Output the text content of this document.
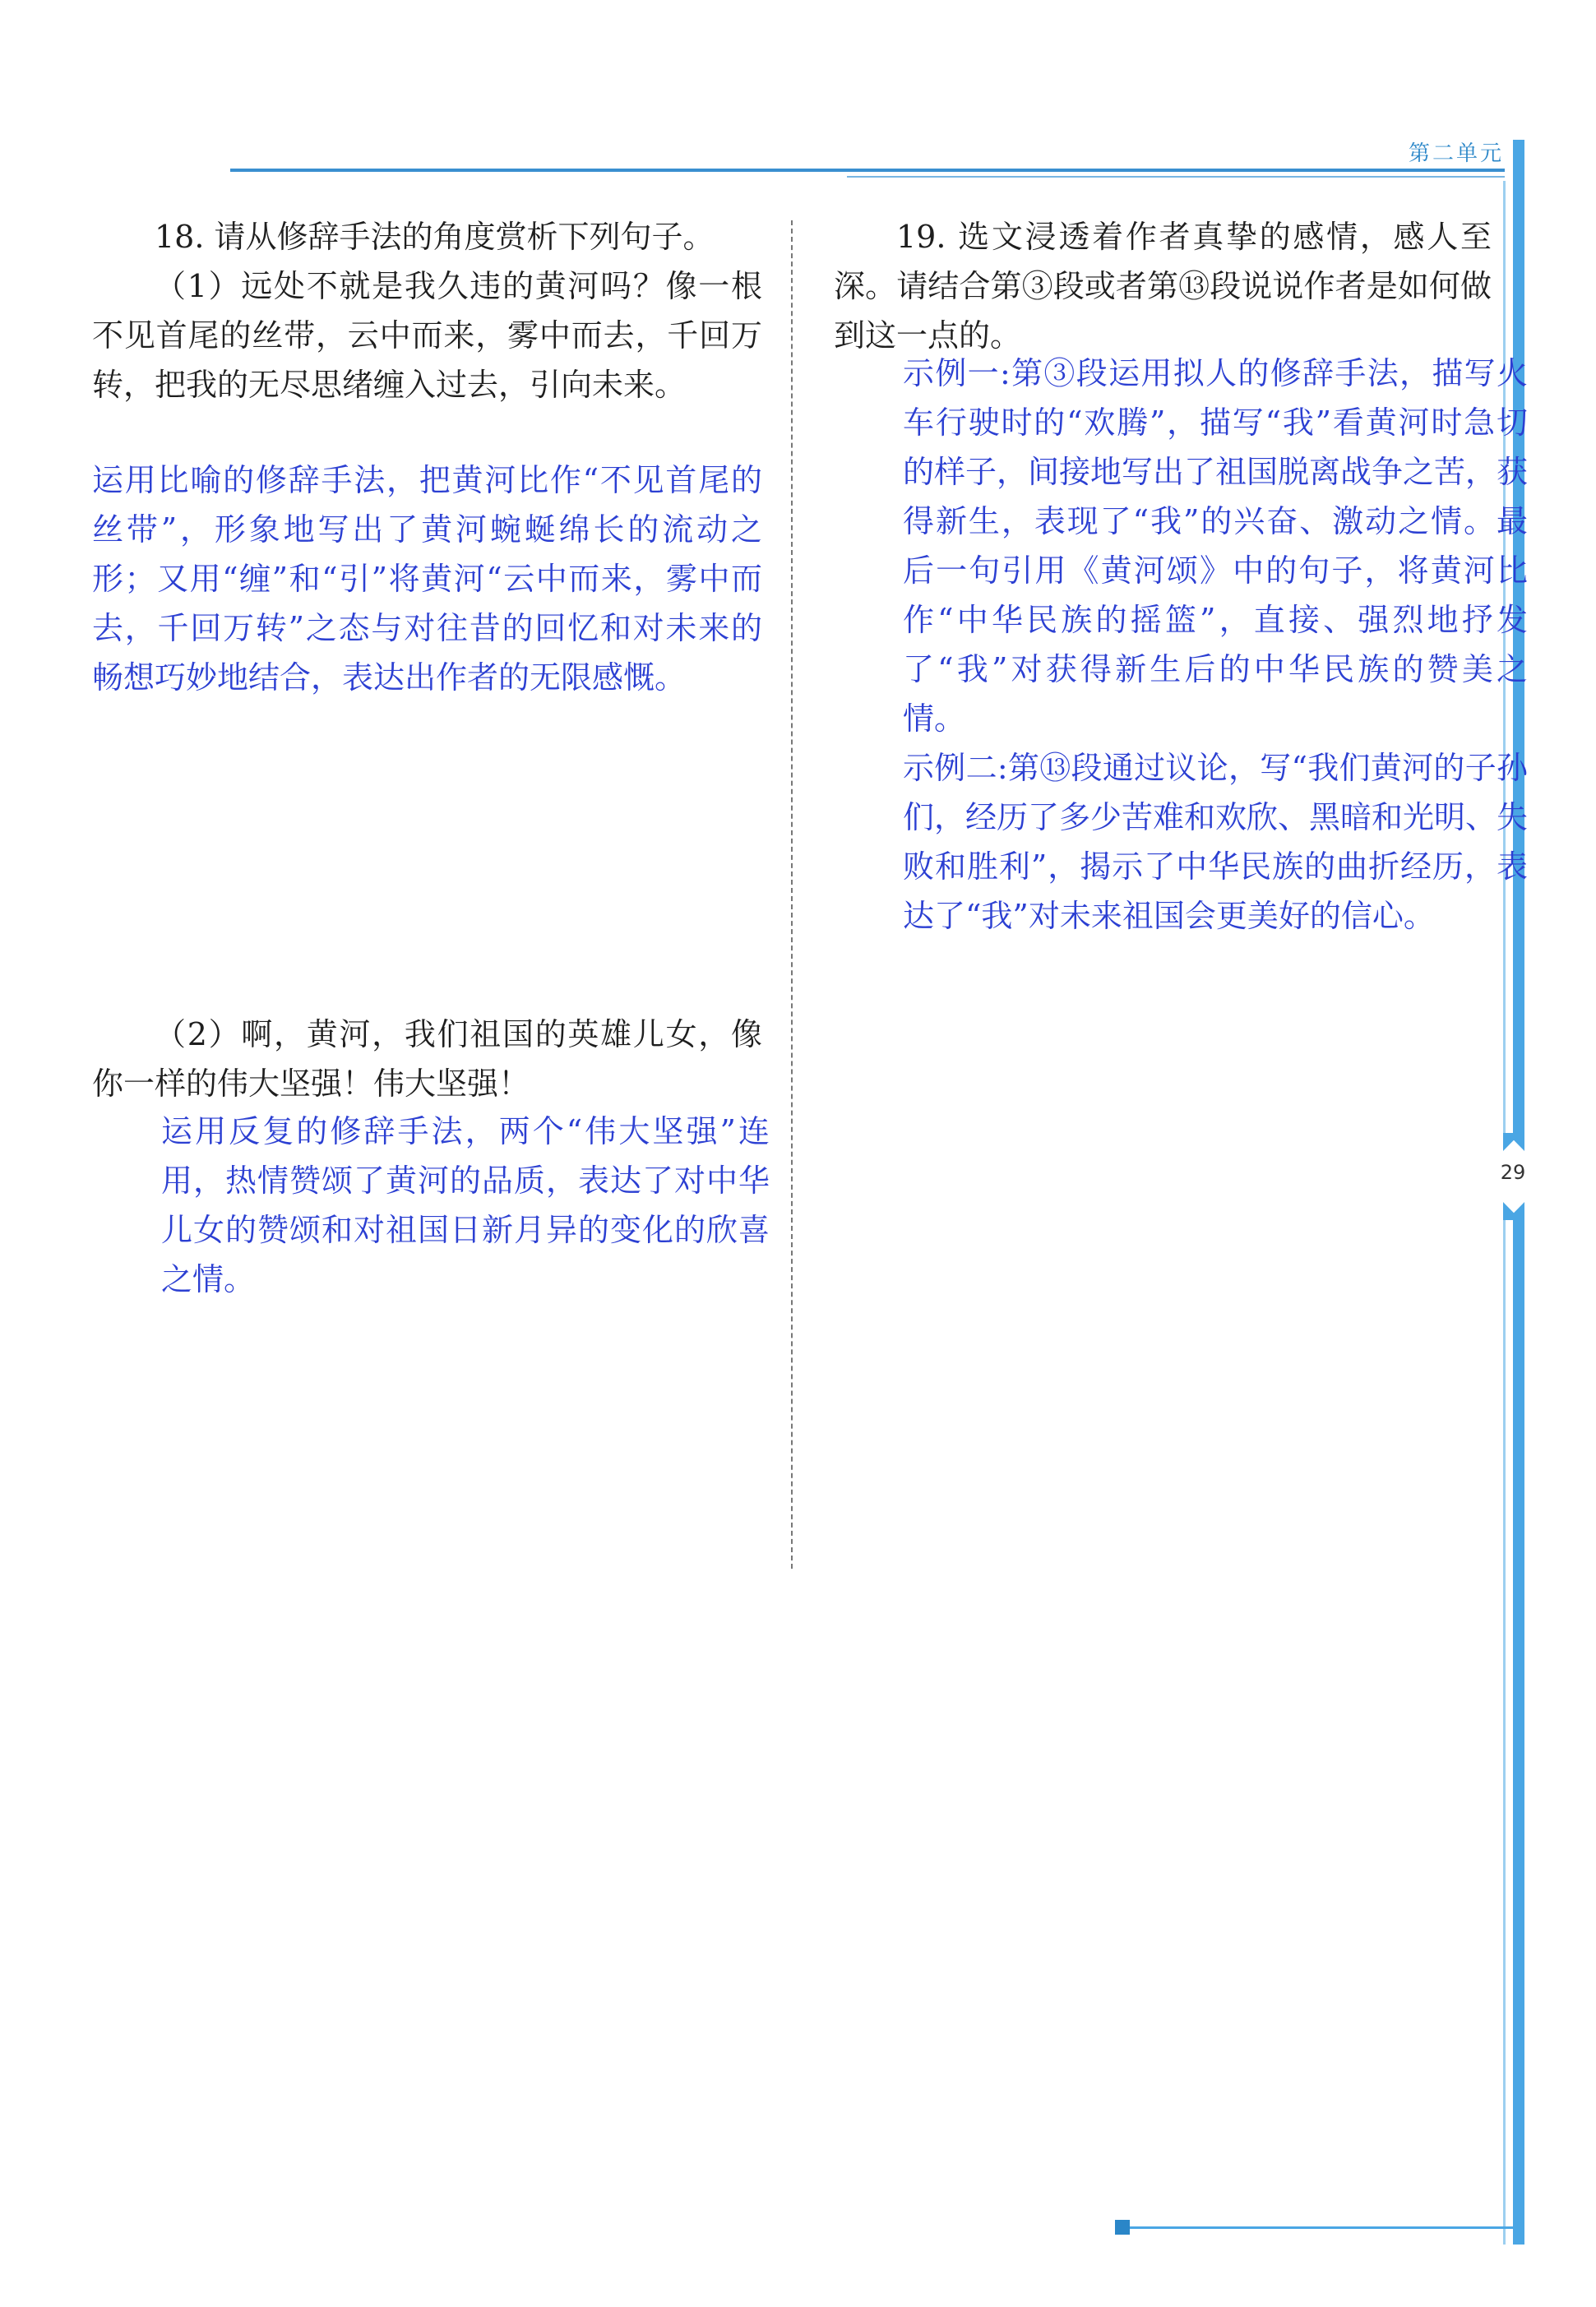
第二单元
29

18. 请从修辞手法的角度赏析下列句子。

（1）远处不就是我久违的黄河吗？像一根不见首尾的丝带，云中而来，雾中而去，千回万转，把我的无尽思绪缠入过去，引向未来。

运用比喻的修辞手法，把黄河比作“不见首尾的丝带”，形象地写出了黄河蜿蜒绵长的流动之形；又用“缠”和“引”将黄河“云中而来，雾中而去，千回万转”之态与对往昔的回忆和对未来的畅想巧妙地结合，表达出作者的无限感慨。

（2）啊，黄河，我们祖国的英雄儿女，像你一样的伟大坚强！伟大坚强！

运用反复的修辞手法，两个“伟大坚强”连用，热情赞颂了黄河的品质，表达了对中华儿女的赞颂和对祖国日新月异的变化的欣喜之情。

19. 选文浸透着作者真挚的感情，感人至深。请结合第③段或者第⑬段说说作者是如何做到这一点的。

示例一:第③段运用拟人的修辞手法，描写火车行驶时的“欢腾”，描写“我”看黄河时急切的样子，间接地写出了祖国脱离战争之苦，获得新生，表现了“我”的兴奋、激动之情。最后一句引用《黄河颂》中的句子，将黄河比作“中华民族的摇篮”，直接、强烈地抒发了“我”对获得新生后的中华民族的赞美之情。

示例二:第⑬段通过议论，写“我们黄河的子孙们，经历了多少苦难和欢欣、黑暗和光明、失败和胜利”，揭示了中华民族的曲折经历，表达了“我”对未来祖国会更美好的信心。
